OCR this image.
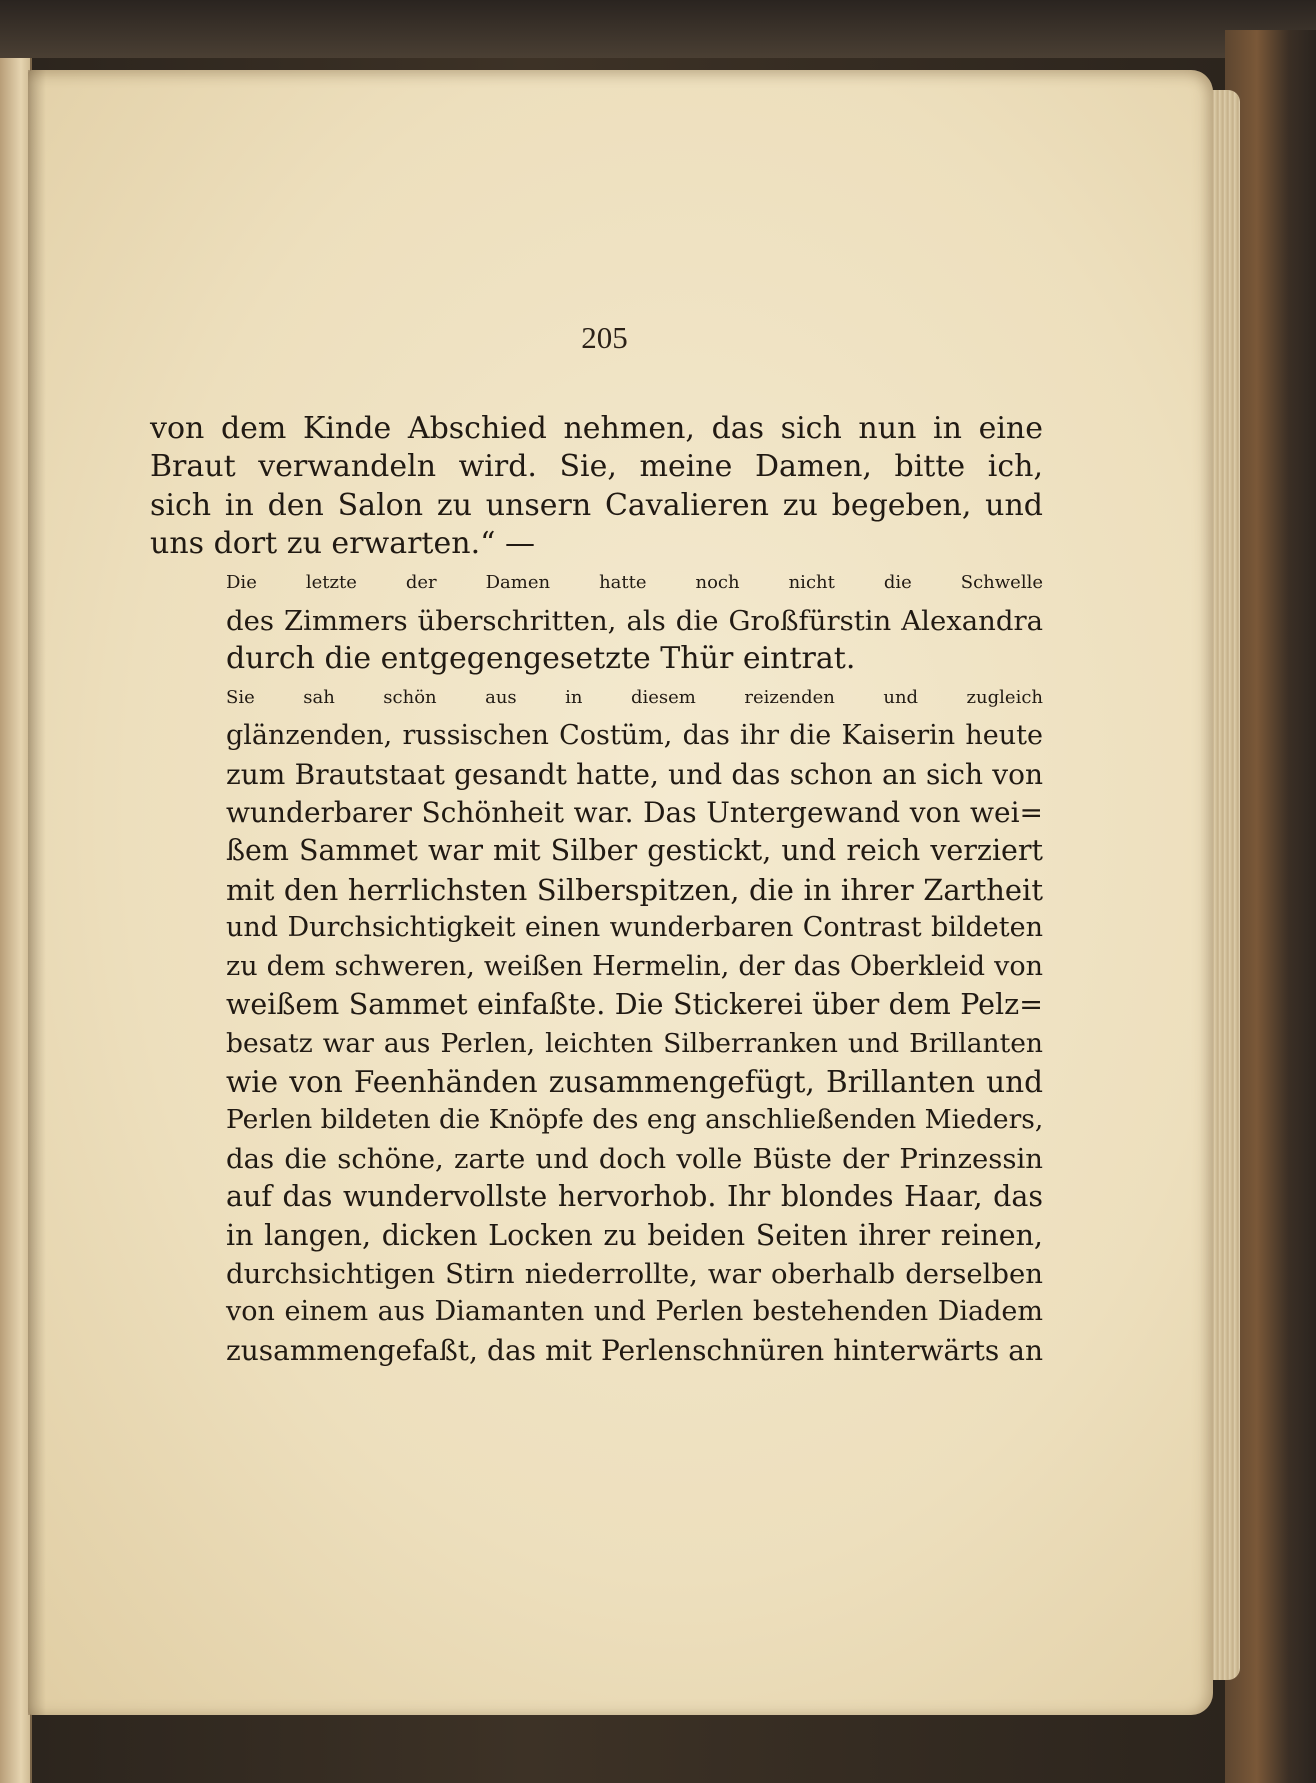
205

von dem Kinde Abschied nehmen, das sich nun in eine
Braut verwandeln wird. Sie, meine Damen, bitte ich,
sich in den Salon zu unsern Cavalieren zu begeben, und
uns dort zu erwarten.“ —

Die letzte der Damen hatte noch nicht die Schwelle
des Zimmers überschritten, als die Großfürstin Alexandra
durch die entgegengesetzte Thür eintrat.

Sie sah schön aus in diesem reizenden und zugleich
glänzenden, russischen Costüm, das ihr die Kaiserin heute
zum Brautstaat gesandt hatte, und das schon an sich von
wunderbarer Schönheit war. Das Untergewand von wei=
ßem Sammet war mit Silber gestickt, und reich verziert
mit den herrlichsten Silberspitzen, die in ihrer Zartheit
und Durchsichtigkeit einen wunderbaren Contrast bildeten
zu dem schweren, weißen Hermelin, der das Oberkleid von
weißem Sammet einfaßte. Die Stickerei über dem Pelz=
besatz war aus Perlen, leichten Silberranken und Brillanten
wie von Feenhänden zusammengefügt, Brillanten und
Perlen bildeten die Knöpfe des eng anschließenden Mieders,
das die schöne, zarte und doch volle Büste der Prinzessin
auf das wundervollste hervorhob. Ihr blondes Haar, das
in langen, dicken Locken zu beiden Seiten ihrer reinen,
durchsichtigen Stirn niederrollte, war oberhalb derselben
von einem aus Diamanten und Perlen bestehenden Diadem
zusammengefaßt, das mit Perlenschnüren hinterwärts an
